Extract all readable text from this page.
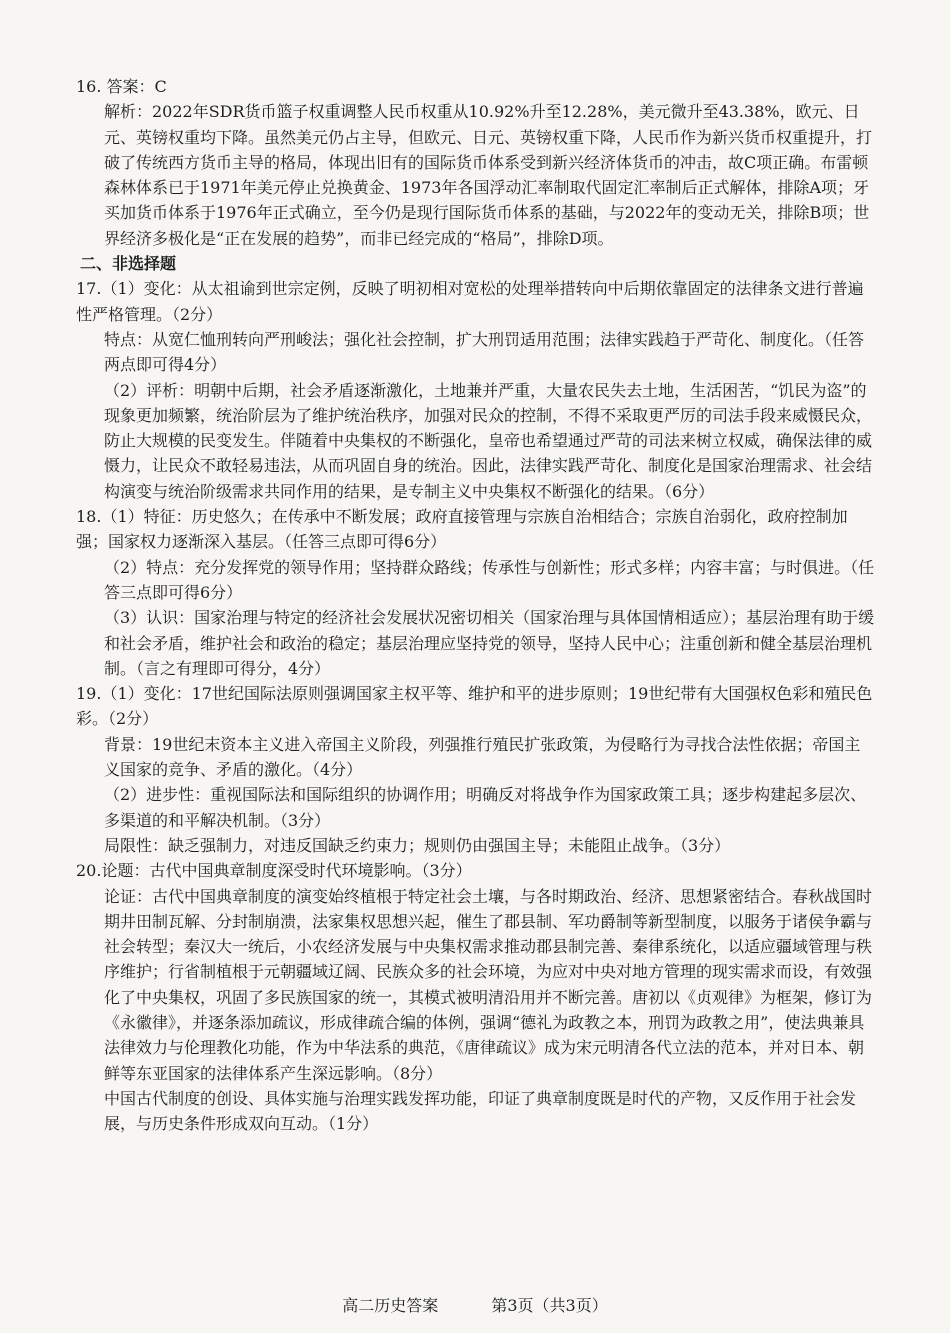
16. 答案：C

解析：2022年SDR货币篮子权重调整人民币权重从10.92%升至12.28%，美元微升至43.38%，欧元、日元、英镑权重均下降。虽然美元仍占主导，但欧元、日元、英镑权重下降，人民币作为新兴货币权重提升，打破了传统西方货币主导的格局，体现出旧有的国际货币体系受到新兴经济体货币的冲击，故C项正确。布雷顿森林体系已于1971年美元停止兑换黄金、1973年各国浮动汇率制取代固定汇率制后正式解体，排除A项；牙买加货币体系于1976年正式确立，至今仍是现行国际货币体系的基础，与2022年的变动无关，排除B项；世界经济多极化是“正在发展的趋势”，而非已经完成的“格局”，排除D项。

二、非选择题

17.（1）变化：从太祖谕到世宗定例，反映了明初相对宽松的处理举措转向中后期依靠固定的法律条文进行普遍性严格管理。（2分）

特点：从宽仁恤刑转向严刑峻法；强化社会控制，扩大刑罚适用范围；法律实践趋于严苛化、制度化。（任答两点即可得4分）

（2）评析：明朝中后期，社会矛盾逐渐激化，土地兼并严重，大量农民失去土地，生活困苦，“饥民为盗”的现象更加频繁，统治阶层为了维护统治秩序，加强对民众的控制，不得不采取更严厉的司法手段来威慑民众，防止大规模的民变发生。伴随着中央集权的不断强化，皇帝也希望通过严苛的司法来树立权威，确保法律的威慑力，让民众不敢轻易违法，从而巩固自身的统治。因此，法律实践严苛化、制度化是国家治理需求、社会结构演变与统治阶级需求共同作用的结果，是专制主义中央集权不断强化的结果。（6分）

18.（1）特征：历史悠久；在传承中不断发展；政府直接管理与宗族自治相结合；宗族自治弱化，政府控制加强；国家权力逐渐深入基层。（任答三点即可得6分）

（2）特点：充分发挥党的领导作用；坚持群众路线；传承性与创新性；形式多样；内容丰富；与时俱进。（任答三点即可得6分）

（3）认识：国家治理与特定的经济社会发展状况密切相关（国家治理与具体国情相适应）；基层治理有助于缓和社会矛盾，维护社会和政治的稳定；基层治理应坚持党的领导，坚持人民中心；注重创新和健全基层治理机制。（言之有理即可得分，4分）

19.（1）变化：17世纪国际法原则强调国家主权平等、维护和平的进步原则；19世纪带有大国强权色彩和殖民色彩。（2分）

背景：19世纪末资本主义进入帝国主义阶段，列强推行殖民扩张政策，为侵略行为寻找合法性依据；帝国主义国家的竞争、矛盾的激化。（4分）

（2）进步性：重视国际法和国际组织的协调作用；明确反对将战争作为国家政策工具；逐步构建起多层次、多渠道的和平解决机制。（3分）

局限性：缺乏强制力，对违反国缺乏约束力；规则仍由强国主导；未能阻止战争。（3分）

20.论题：古代中国典章制度深受时代环境影响。（3分）

论证：古代中国典章制度的演变始终植根于特定社会土壤，与各时期政治、经济、思想紧密结合。春秋战国时期井田制瓦解、分封制崩溃，法家集权思想兴起，催生了郡县制、军功爵制等新型制度，以服务于诸侯争霸与社会转型；秦汉大一统后，小农经济发展与中央集权需求推动郡县制完善、秦律系统化，以适应疆域管理与秩序维护；行省制植根于元朝疆域辽阔、民族众多的社会环境，为应对中央对地方管理的现实需求而设，有效强化了中央集权，巩固了多民族国家的统一，其模式被明清沿用并不断完善。唐初以《贞观律》为框架，修订为《永徽律》，并逐条添加疏议，形成律疏合编的体例，强调“德礼为政教之本，刑罚为政教之用”，使法典兼具法律效力与伦理教化功能，作为中华法系的典范，《唐律疏议》成为宋元明清各代立法的范本，并对日本、朝鲜等东亚国家的法律体系产生深远影响。（8分）

中国古代制度的创设、具体实施与治理实践发挥功能，印证了典章制度既是时代的产物，又反作用于社会发展，与历史条件形成双向互动。（1分）

高二历史答案	第3页（共3页）
